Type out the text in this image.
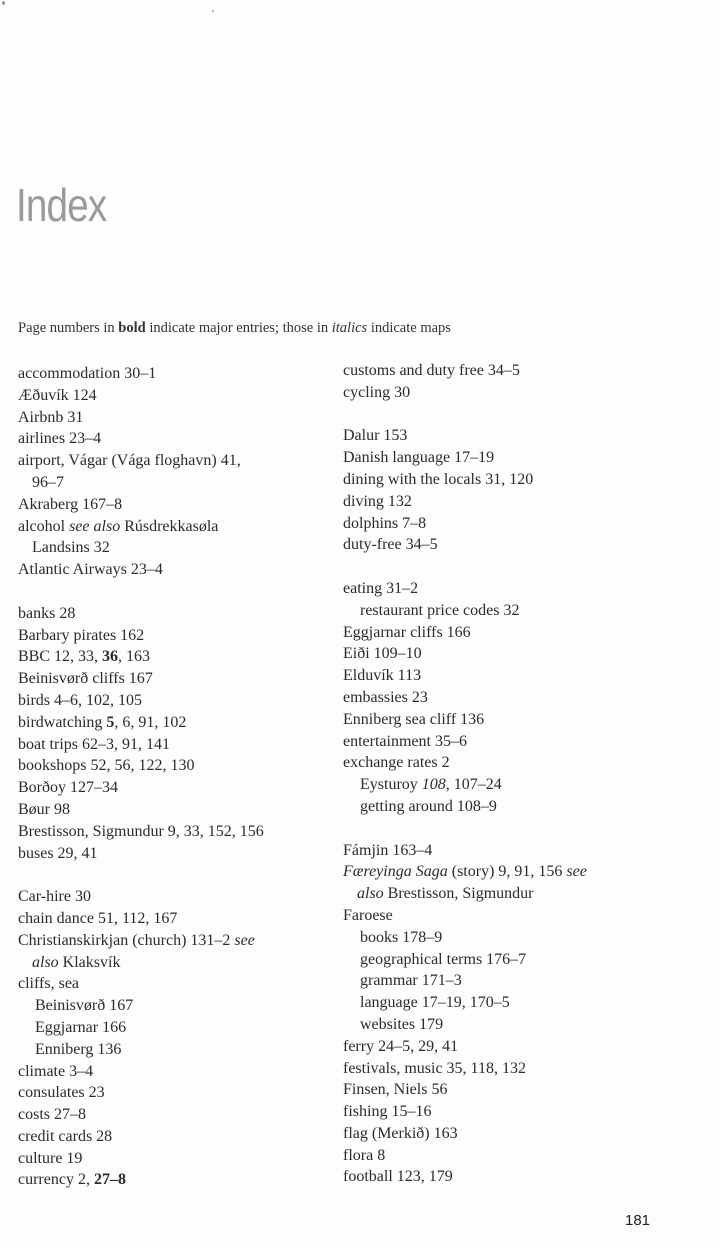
Index
Page numbers in bold indicate major entries; those in italics indicate maps
accommodation 30–1
Æðuvík 124
Airbnb 31
airlines 23–4
airport, Vágar (Vága floghavn) 41,
96–7
Akraberg 167–8
alcohol see also Rúsdrekkasøla
Landsins 32
Atlantic Airways 23–4
banks 28
Barbary pirates 162
BBC 12, 33, 36, 163
Beinisvørð cliffs 167
birds 4–6, 102, 105
birdwatching 5, 6, 91, 102
boat trips 62–3, 91, 141
bookshops 52, 56, 122, 130
Borðoy 127–34
Bøur 98
Brestisson, Sigmundur 9, 33, 152, 156
buses 29, 41
Car-hire 30
chain dance 51, 112, 167
Christianskirkjan (church) 131–2 see
also Klaksvík
cliffs, sea
Beinisvørð 167
Eggjarnar 166
Enniberg 136
climate 3–4
consulates 23
costs 27–8
credit cards 28
culture 19
currency 2, 27–8
customs and duty free 34–5
cycling 30
Dalur 153
Danish language 17–19
dining with the locals 31, 120
diving 132
dolphins 7–8
duty-free 34–5
eating 31–2
restaurant price codes 32
Eggjarnar cliffs 166
Eiði 109–10
Elduvík 113
embassies 23
Enniberg sea cliff 136
entertainment 35–6
exchange rates 2
Eysturoy 108, 107–24
getting around 108–9
Fámjin 163–4
Færeyinga Saga (story) 9, 91, 156 see
also Brestisson, Sigmundur
Faroese
books 178–9
geographical terms 176–7
grammar 171–3
language 17–19, 170–5
websites 179
ferry 24–5, 29, 41
festivals, music 35, 118, 132
Finsen, Niels 56
fishing 15–16
flag (Merkið) 163
flora 8
football 123, 179
181
